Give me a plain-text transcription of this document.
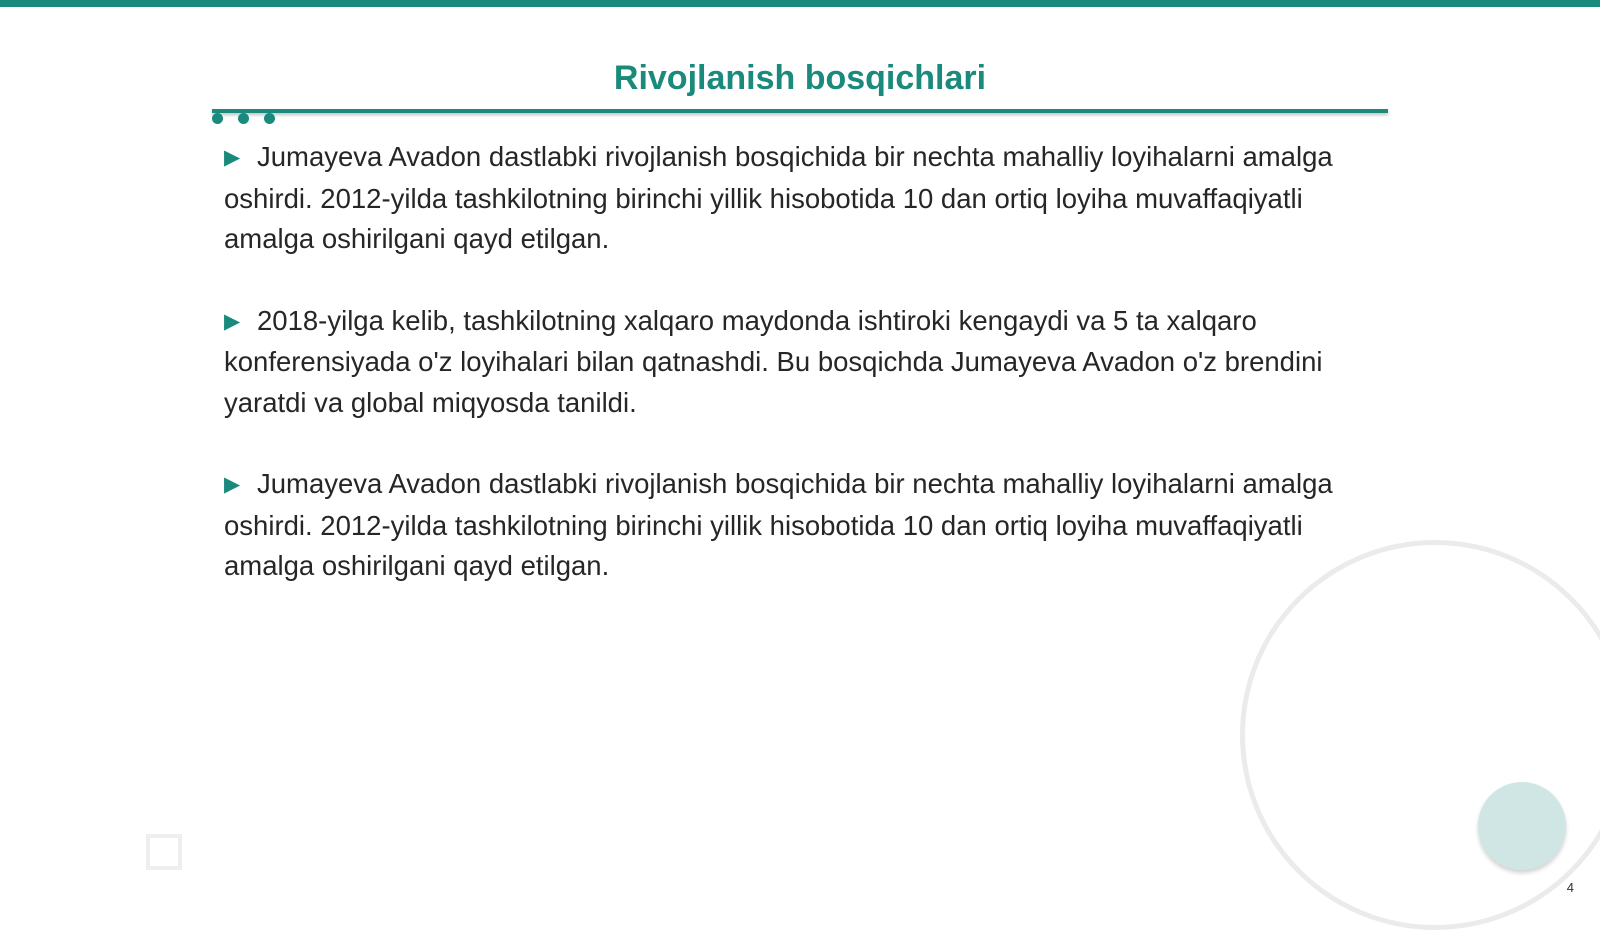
Rivojlanish bosqichlari

▶ Jumayeva Avadon dastlabki rivojlanish bosqichida bir nechta mahalliy loyihalarni amalga oshirdi. 2012-yilda tashkilotning birinchi yillik hisobotida 10 dan ortiq loyiha muvaffaqiyatli amalga oshirilgani qayd etilgan.

▶ 2018-yilga kelib, tashkilotning xalqaro maydonda ishtiroki kengaydi va 5 ta xalqaro konferensiyada o'z loyihalari bilan qatnashdi. Bu bosqichda Jumayeva Avadon o'z brendini yaratdi va global miqyosda tanildi.

▶ Jumayeva Avadon dastlabki rivojlanish bosqichida bir nechta mahalliy loyihalarni amalga oshirdi. 2012-yilda tashkilotning birinchi yillik hisobotida 10 dan ortiq loyiha muvaffaqiyatli amalga oshirilgani qayd etilgan.

4
